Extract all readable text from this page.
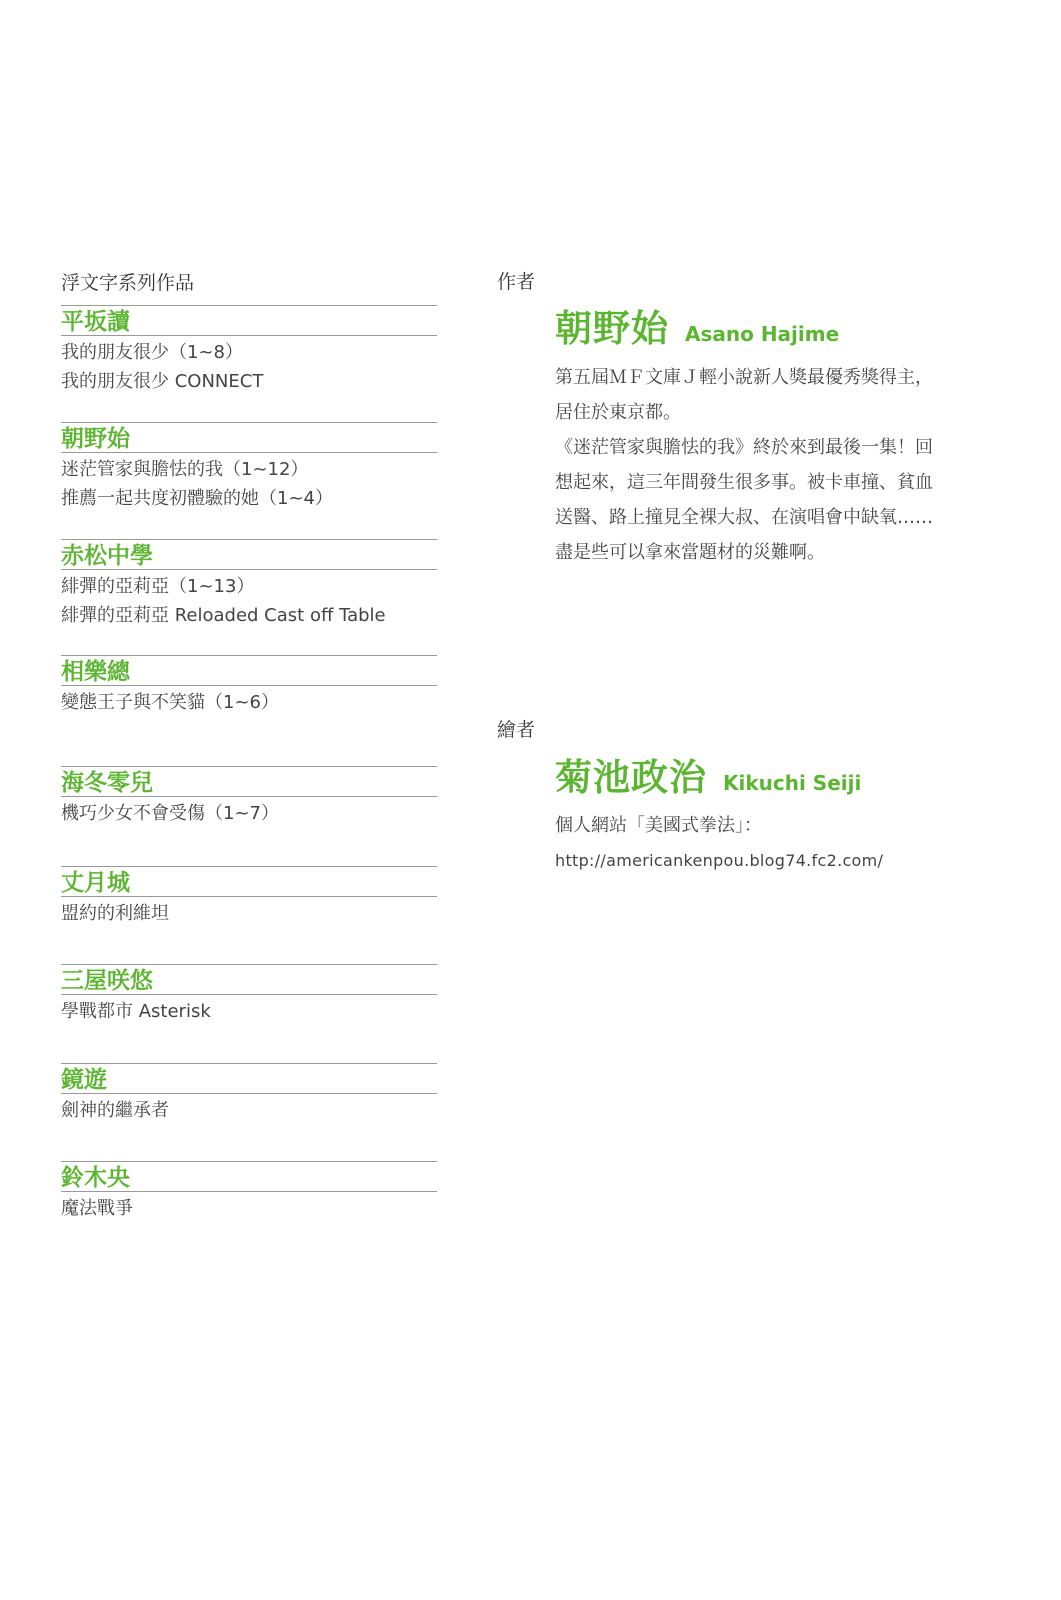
浮文字系列作品
平坂讀
我的朋友很少（1~8）
我的朋友很少 CONNECT
朝野始
迷茫管家與膽怯的我（1~12）
推薦一起共度初體驗的她（1~4）
赤松中學
緋彈的亞莉亞（1~13）
緋彈的亞莉亞 Reloaded Cast off Table
相樂總
變態王子與不笑貓（1~6）
海冬零兒
機巧少女不會受傷（1~7）
丈月城
盟約的利維坦
三屋咲悠
學戰都市 Asterisk
鏡遊
劍神的繼承者
鈴木央
魔法戰爭
作者
朝野始 Asano Hajime

第五屆ＭＦ文庫Ｊ輕小說新人獎最優秀獎得主，

居住於東京都。

《迷茫管家與膽怯的我》終於來到最後一集！回

想起來，這三年間發生很多事。被卡車撞、貧血

送醫、路上撞見全裸大叔、在演唱會中缺氧……

盡是些可以拿來當題材的災難啊。

繪者
菊池政治 Kikuchi Seiji

個人網站「美國式拳法」：

http://americankenpou.blog74.fc2.com/
